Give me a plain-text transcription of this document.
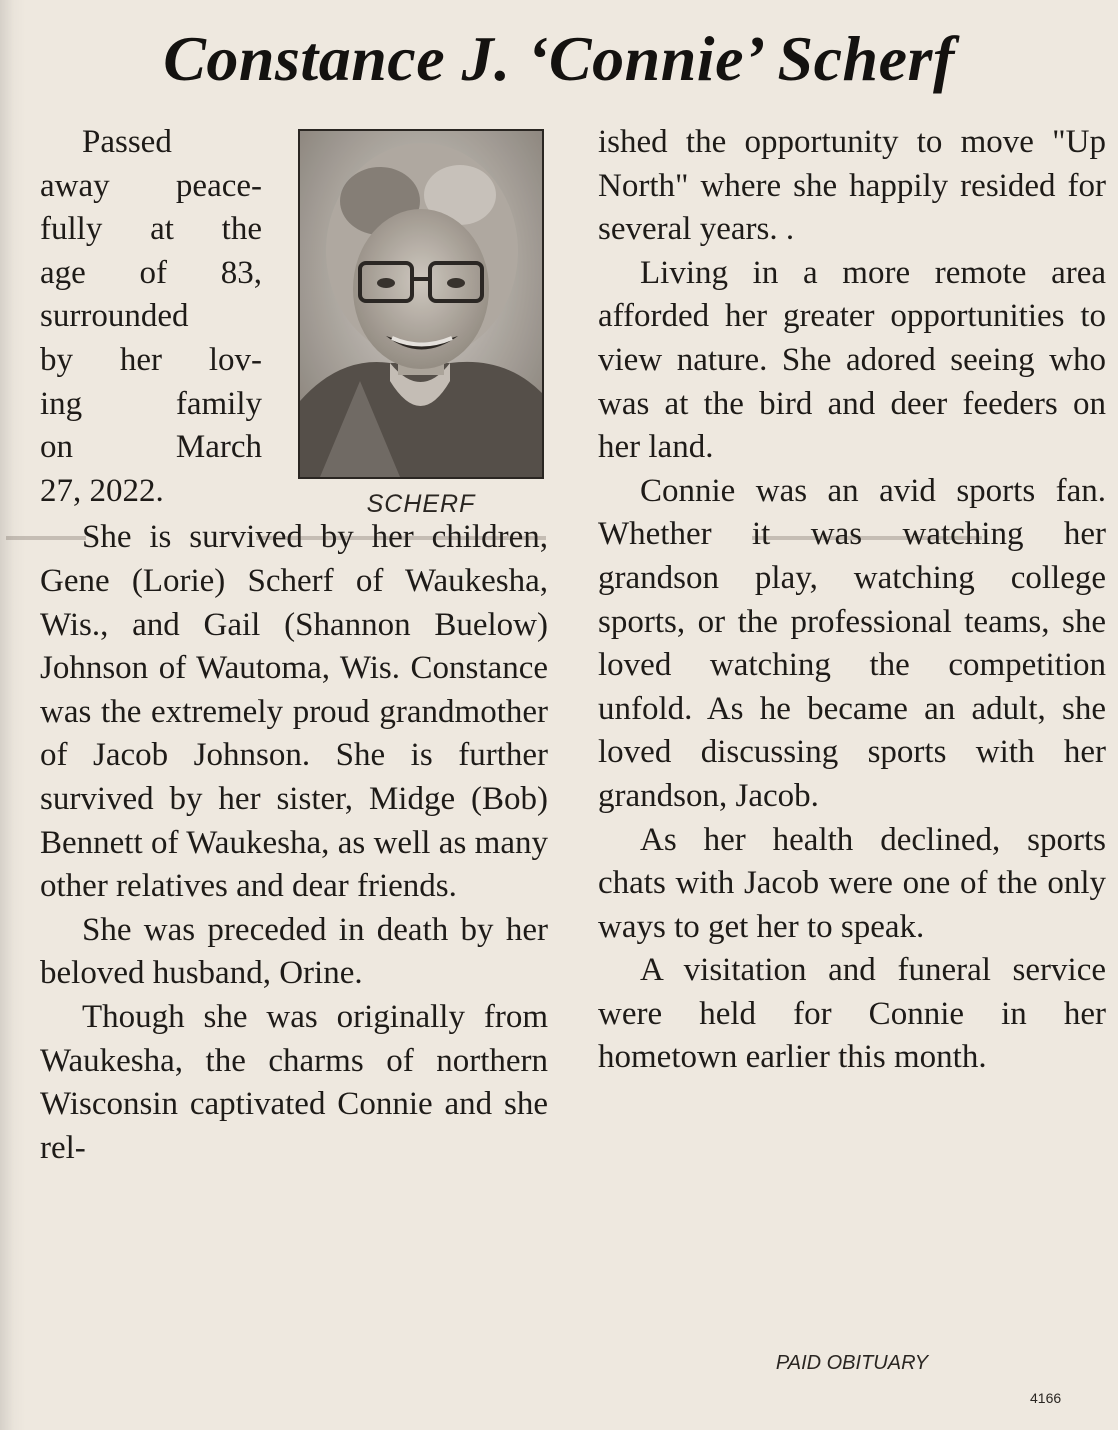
Constance J. ‘Connie’ Scherf

Passed
away peace-
fully at the
age of 83,
surrounded
by her lov-
ing family
on March
27, 2022.	SCHERF

She is survived by her children, Gene (Lorie) Scherf of Waukesha, Wis., and Gail (Shannon Buelow) Johnson of Wautoma, Wis. Constance was the extremely proud grandmother of Jacob Johnson. She is further survived by her sister, Midge (Bob) Bennett of Waukesha, as well as many other relatives and dear friends.

She was preceded in death by her beloved husband, Orine.

Though she was originally from Waukesha, the charms of northern Wisconsin captivated Connie and she rel-

ished the opportunity to move "Up North" where she happily resided for several years. .

Living in a more remote area afforded her greater opportunities to view nature. She adored seeing who was at the bird and deer feeders on her land.

Connie was an avid sports fan. Whether it was watching her grandson play, watching college sports, or the professional teams, she loved watching the competition unfold. As he became an adult, she loved discussing sports with her grandson, Jacob.

As her health declined, sports chats with Jacob were one of the only ways to get her to speak.

A visitation and funeral service were held for Connie in her hometown earlier this month.

PAID OBITUARY
4166
